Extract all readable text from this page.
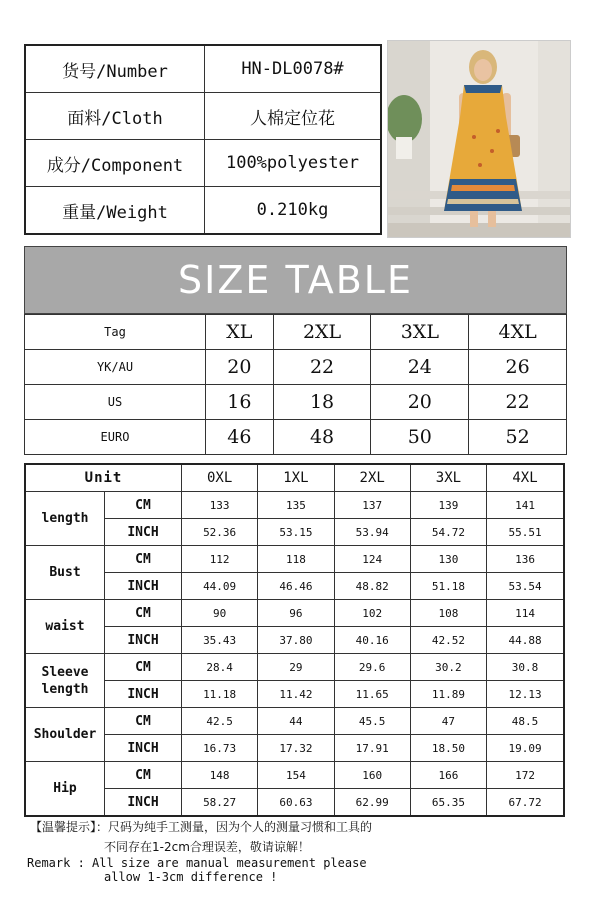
货号/Number	HN-DL0078#
面料/Cloth	人棉定位花
成分/Component	100%polyester
重量/Weight	0.210kg
SIZE TABLE
Tag	XL	2XL	3XL	4XL
YK/AU	20	22	24	26
US	16	18	20	22
EURO	46	48	50	52
Unit		0XL	1XL	2XL	3XL	4XL
length	CM	133	135	137	139	141
	INCH	52.36	53.15	53.94	54.72	55.51
Bust	CM	112	118	124	130	136
	INCH	44.09	46.46	48.82	51.18	53.54
waist	CM	90	96	102	108	114
	INCH	35.43	37.80	40.16	42.52	44.88
Sleeve length	CM	28.4	29	29.6	30.2	30.8
	INCH	11.18	11.42	11.65	11.89	12.13
Shoulder	CM	42.5	44	45.5	47	48.5
	INCH	16.73	17.32	17.91	18.50	19.09
Hip	CM	148	154	160	166	172
	INCH	58.27	60.63	62.99	65.35	67.72
【温馨提示】：尺码为纯手工测量，因为个人的测量习惯和工具的
不同存在1-2cm合理误差，敬请谅解！
Remark : All size are manual measurement please
allow 1-3cm difference !
